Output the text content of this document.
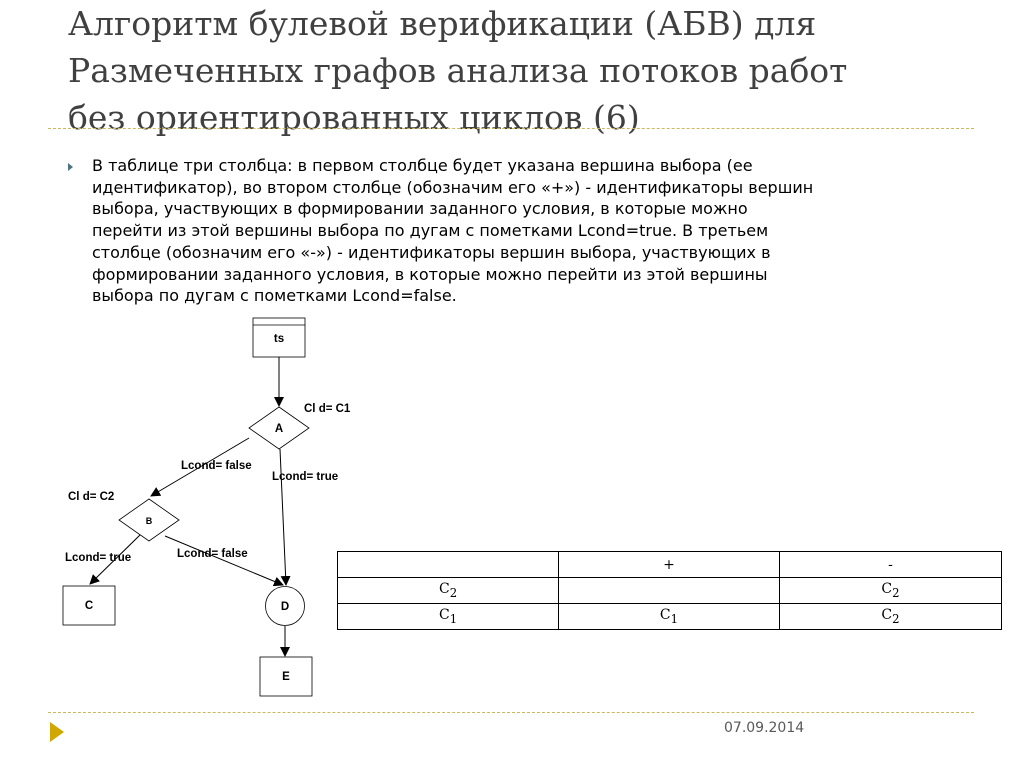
Алгоритм булевой верификации (АБВ) для
Размеченных графов анализа потоков работ
без ориентированных циклов (6)
В таблице три столбца: в первом столбце будет указана вершина выбора (ее
идентификатор), во втором столбце (обозначим его «+») - идентификаторы вершин
выбора, участвующих в формировании заданного условия, в которые можно
перейти из этой вершины выбора по дугам с пометками Lcond=true. В третьем
столбце (обозначим его «-») - идентификаторы вершин выбора, участвующих в
формировании заданного условия, в которые можно перейти из этой вершины
выбора по дугам с пометками Lcond=false.
ts
A
B
C	D
E
Cl d= C1
Cl d= C2
Lcond= false
Lcond= true
Lcond= true	Lcond= false
	+	-
$C_2$		$C_2$
$C_1$	$C_1$	$C_2$
07.09.2014
